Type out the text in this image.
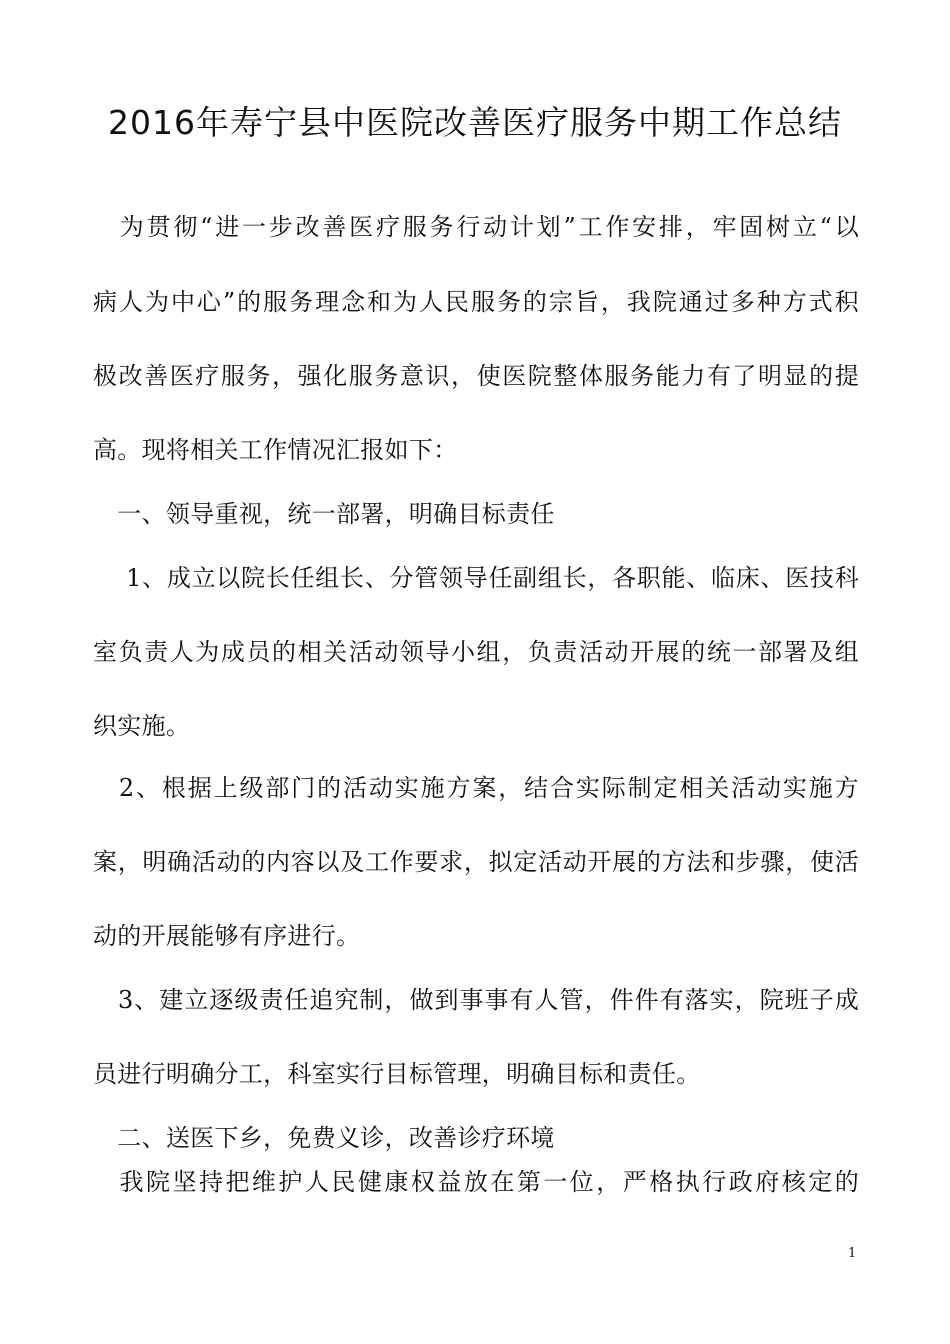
2016年寿宁县中医院改善医疗服务中期工作总结
　为贯彻“进一步改善医疗服务行动计划”工作安排，牢固树立“以
病人为中心”的服务理念和为人民服务的宗旨，我院通过多种方式积
极改善医疗服务，强化服务意识，使医院整体服务能力有了明显的提
高。现将相关工作情况汇报如下：
　一、领导重视，统一部署，明确目标责任
　 1、成立以院长任组长、分管领导任副组长，各职能、临床、医技科
室负责人为成员的相关活动领导小组，负责活动开展的统一部署及组
织实施。
　2、根据上级部门的活动实施方案，结合实际制定相关活动实施方
案，明确活动的内容以及工作要求，拟定活动开展的方法和步骤，使活
动的开展能够有序进行。
　3、建立逐级责任追究制，做到事事有人管，件件有落实，院班子成
员进行明确分工，科室实行目标管理，明确目标和责任。
　二、送医下乡，免费义诊，改善诊疗环境
　我院坚持把维护人民健康权益放在第一位，严格执行政府核定的
1
